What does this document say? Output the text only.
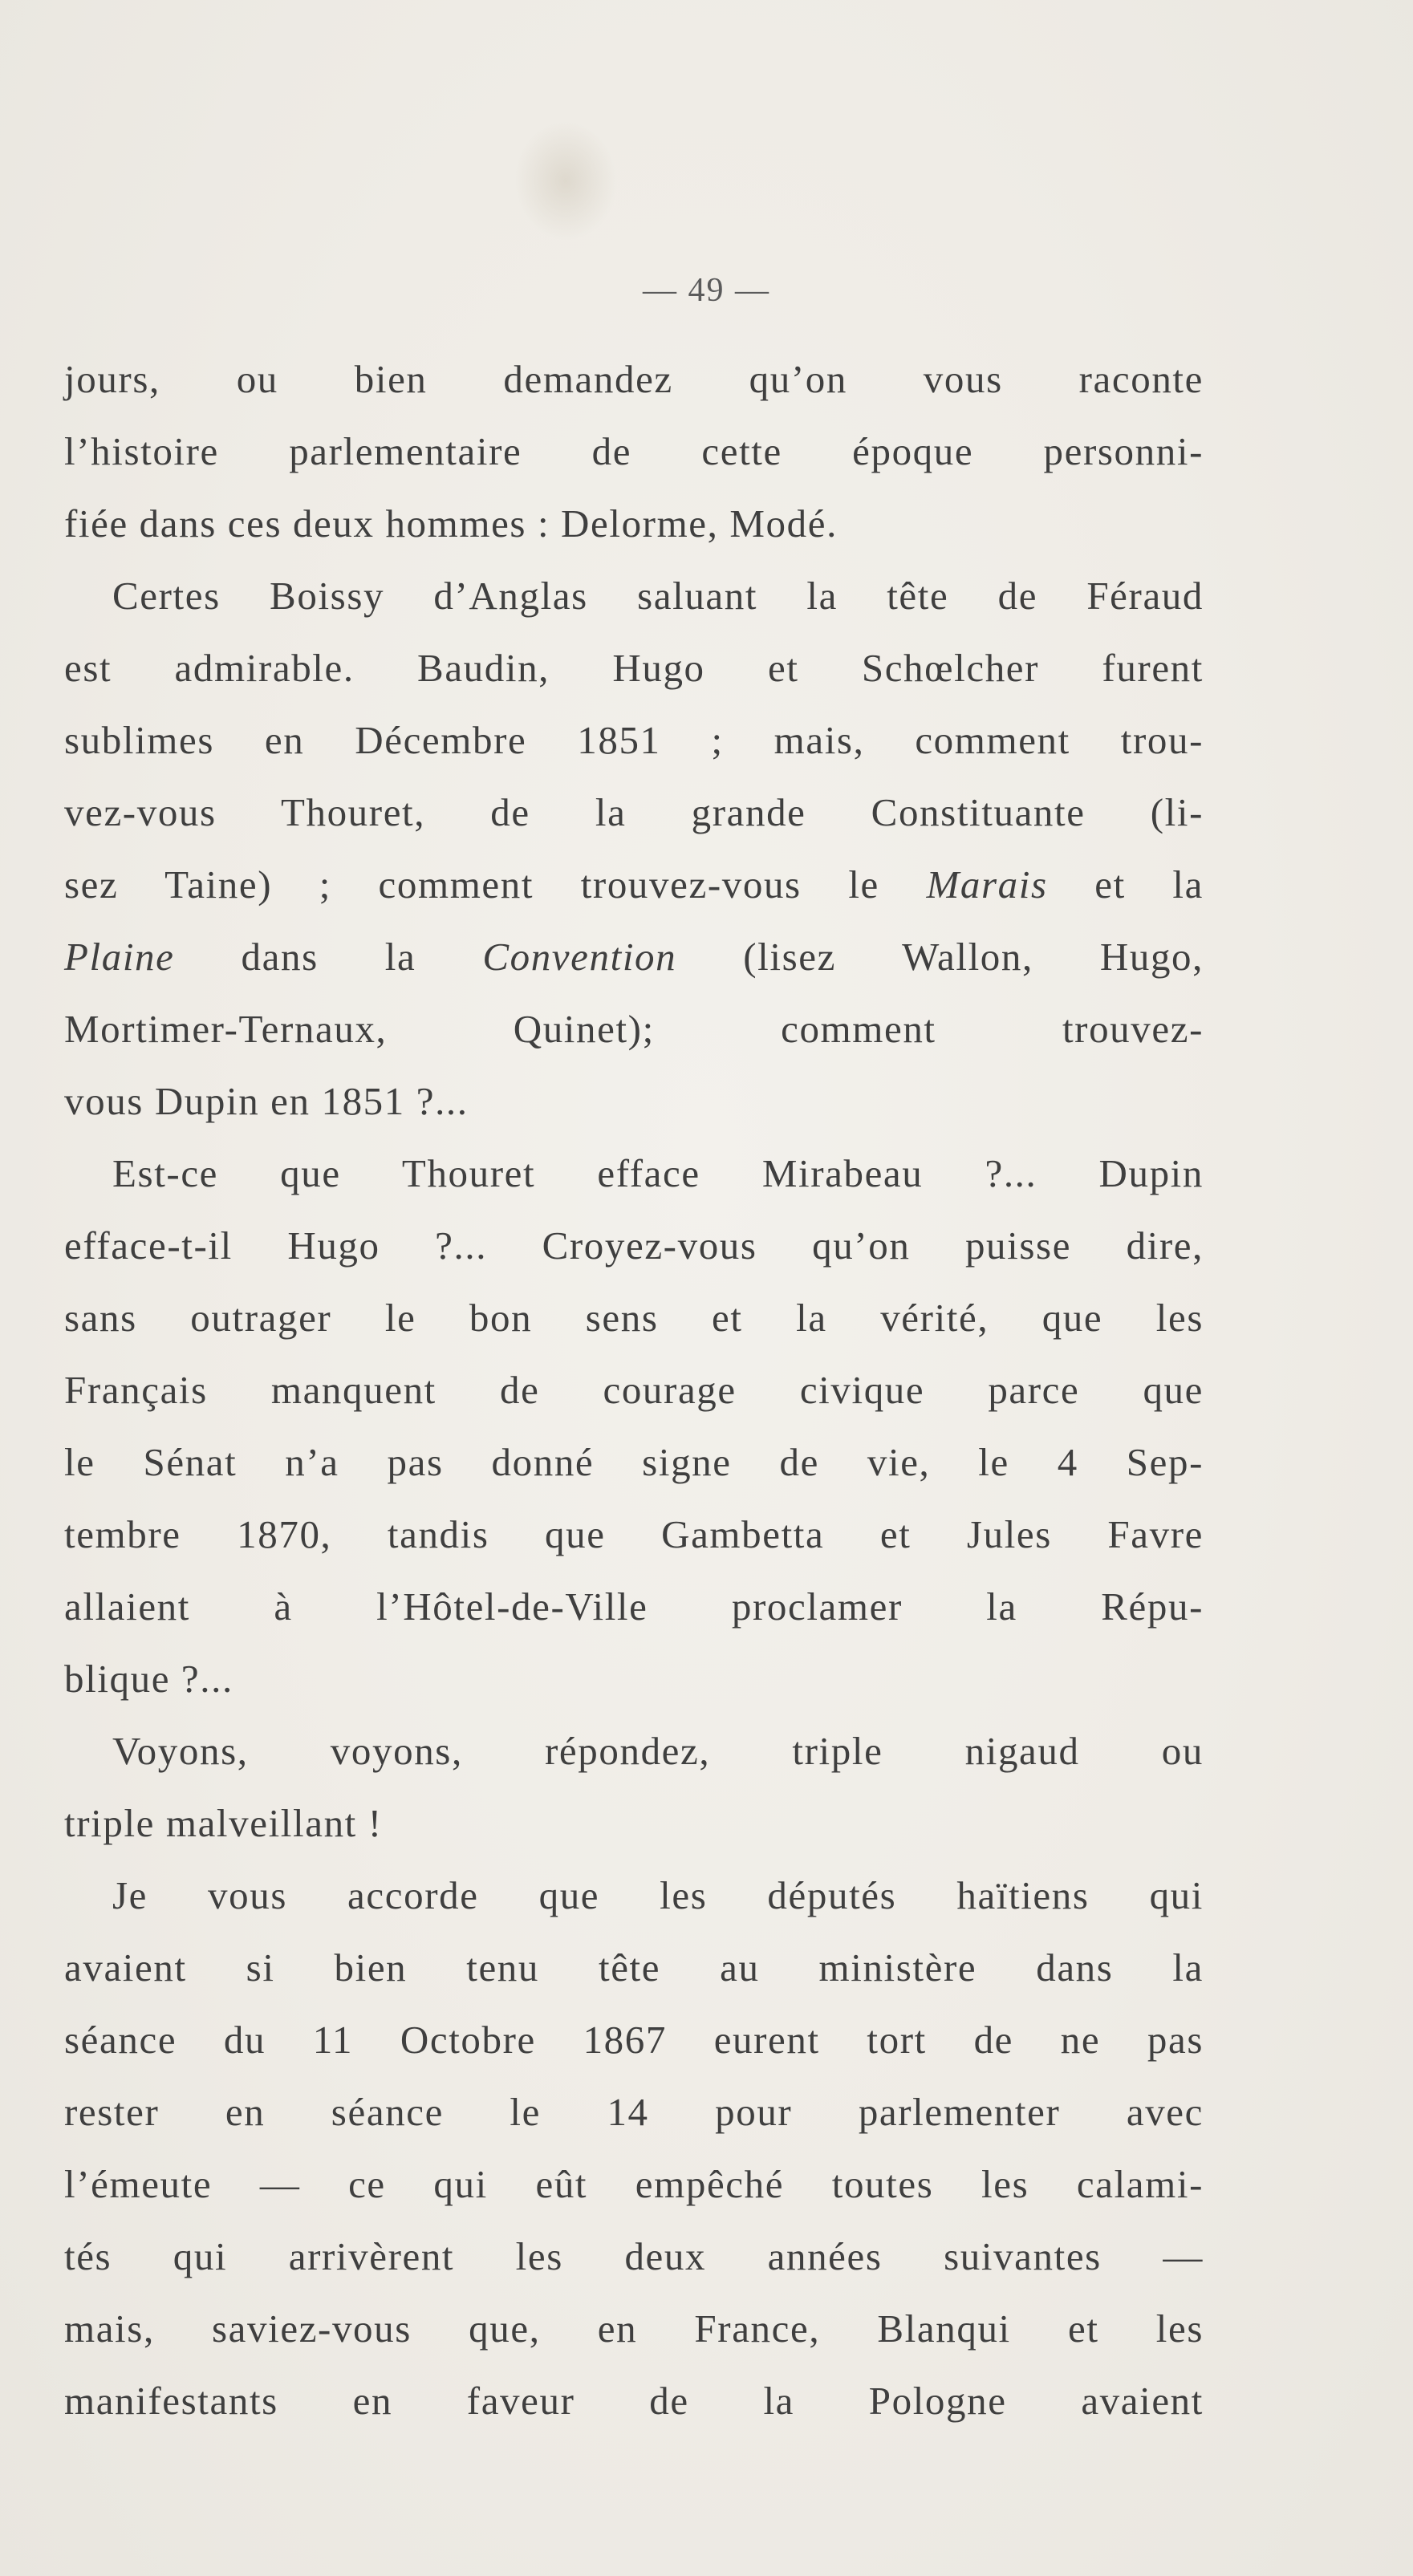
— 49 —
jours, ou bien demandez qu’on vous raconte
l’histoire parlementaire de cette époque personni-
fiée dans ces deux hommes : Delorme, Modé.
Certes Boissy d’Anglas saluant la tête de Féraud
est admirable. Baudin, Hugo et Schœlcher furent
sublimes en Décembre 1851 ; mais, comment trou-
vez-vous Thouret, de la grande Constituante (li-
sez Taine) ; comment trouvez-vous le Marais et la
Plaine dans la Convention (lisez Wallon, Hugo,
Mortimer-Ternaux, Quinet); comment trouvez-
vous Dupin en 1851 ?...
Est-ce que Thouret efface Mirabeau ?... Dupin
efface-t-il Hugo ?... Croyez-vous qu’on puisse dire,
sans outrager le bon sens et la vérité, que les
Français manquent de courage civique parce que
le Sénat n’a pas donné signe de vie, le 4 Sep-
tembre 1870, tandis que Gambetta et Jules Favre
allaient à l’Hôtel-de-Ville proclamer la Répu-
blique ?...
Voyons, voyons, répondez, triple nigaud ou
triple malveillant !
Je vous accorde que les députés haïtiens qui
avaient si bien tenu tête au ministère dans la
séance du 11 Octobre 1867 eurent tort de ne pas
rester en séance le 14 pour parlementer avec
l’émeute — ce qui eût empêché toutes les calami-
tés qui arrivèrent les deux années suivantes —
mais, saviez-vous que, en France, Blanqui et les
manifestants en faveur de la Pologne avaient
